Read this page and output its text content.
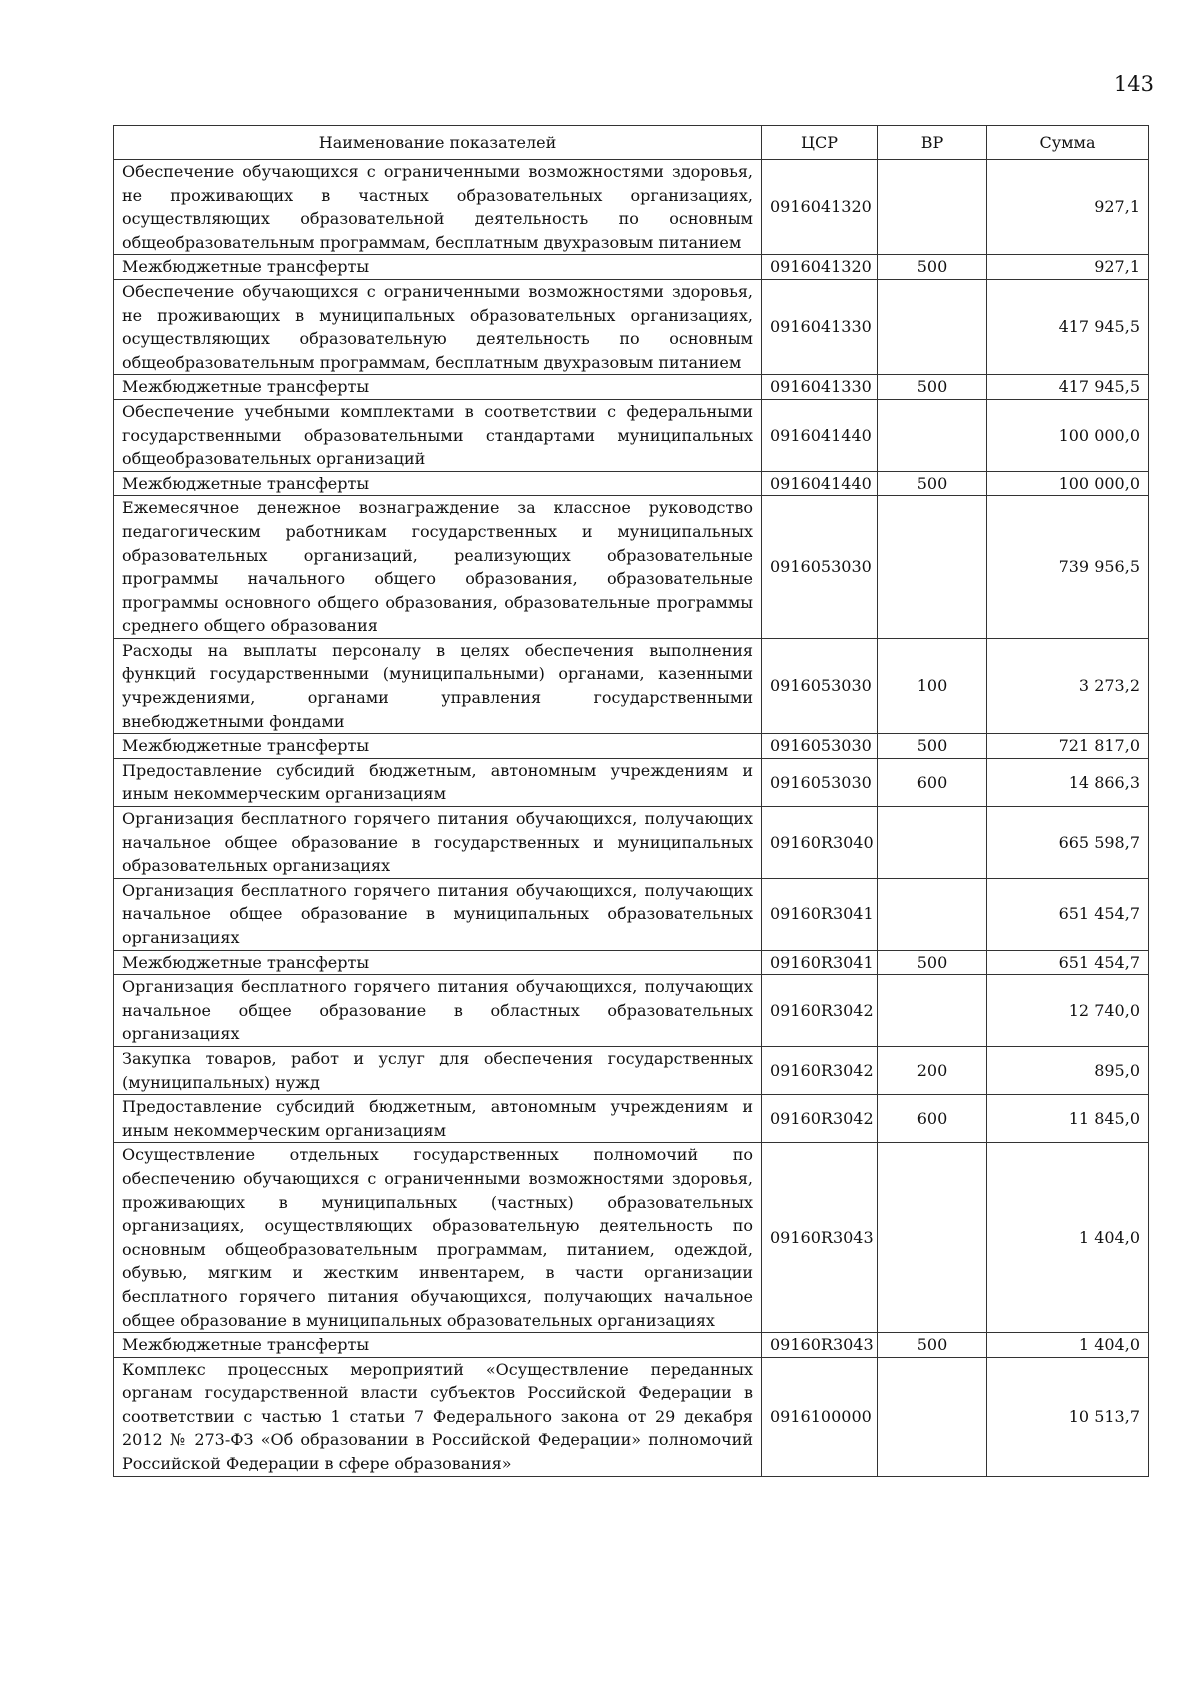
143
Наименование показателей	ЦСР	ВР	Сумма
Обеспечение обучающихся с ограниченными возможностями здоровья, не проживающих в частных образовательных организациях, осуществляющих образовательной деятельность по основным общеобразовательным программам, бесплатным двухразовым питанием	0916041320		927,1
Межбюджетные трансферты	0916041320	500	927,1
Обеспечение обучающихся с ограниченными возможностями здоровья, не проживающих в муниципальных образовательных организациях, осуществляющих образовательную деятельность по основным общеобразовательным программам, бесплатным двухразовым питанием	0916041330		417 945,5
Межбюджетные трансферты	0916041330	500	417 945,5
Обеспечение учебными комплектами в соответствии с федеральными государственными образовательными стандартами муниципальных общеобразовательных организаций	0916041440		100 000,0
Межбюджетные трансферты	0916041440	500	100 000,0
Ежемесячное денежное вознаграждение за классное руководство педагогическим работникам государственных и муниципальных образовательных организаций, реализующих образовательные программы начального общего образования, образовательные программы основного общего образования, образовательные программы среднего общего образования	0916053030		739 956,5
Расходы на выплаты персоналу в целях обеспечения выполнения функций государственными (муниципальными) органами, казенными учреждениями, органами управления государственными внебюджетными фондами	0916053030	100	3 273,2
Межбюджетные трансферты	0916053030	500	721 817,0
Предоставление субсидий бюджетным, автономным учреждениям и иным некоммерческим организациям	0916053030	600	14 866,3
Организация бесплатного горячего питания обучающихся, получающих начальное общее образование в государственных и муниципальных образовательных организациях	09160R3040		665 598,7
Организация бесплатного горячего питания обучающихся, получающих начальное общее образование в муниципальных образовательных организациях	09160R3041		651 454,7
Межбюджетные трансферты	09160R3041	500	651 454,7
Организация бесплатного горячего питания обучающихся, получающих начальное общее образование в областных образовательных организациях	09160R3042		12 740,0
Закупка товаров, работ и услуг для обеспечения государственных (муниципальных) нужд	09160R3042	200	895,0
Предоставление субсидий бюджетным, автономным учреждениям и иным некоммерческим организациям	09160R3042	600	11 845,0
Осуществление отдельных государственных полномочий по обеспечению обучающихся с ограниченными возможностями здоровья, проживающих в муниципальных (частных) образовательных организациях, осуществляющих образовательную деятельность по основным общеобразовательным программам, питанием, одеждой, обувью, мягким и жестким инвентарем, в части организации бесплатного горячего питания обучающихся, получающих начальное общее образование в муниципальных образовательных организациях	09160R3043		1 404,0
Межбюджетные трансферты	09160R3043	500	1 404,0
Комплекс процессных мероприятий «Осуществление переданных органам государственной власти субъектов Российской Федерации в соответствии с частью 1 статьи 7 Федерального закона от 29 декабря 2012 № 273-ФЗ «Об образовании в Российской Федерации» полномочий Российской Федерации в сфере образования»	0916100000		10 513,7
